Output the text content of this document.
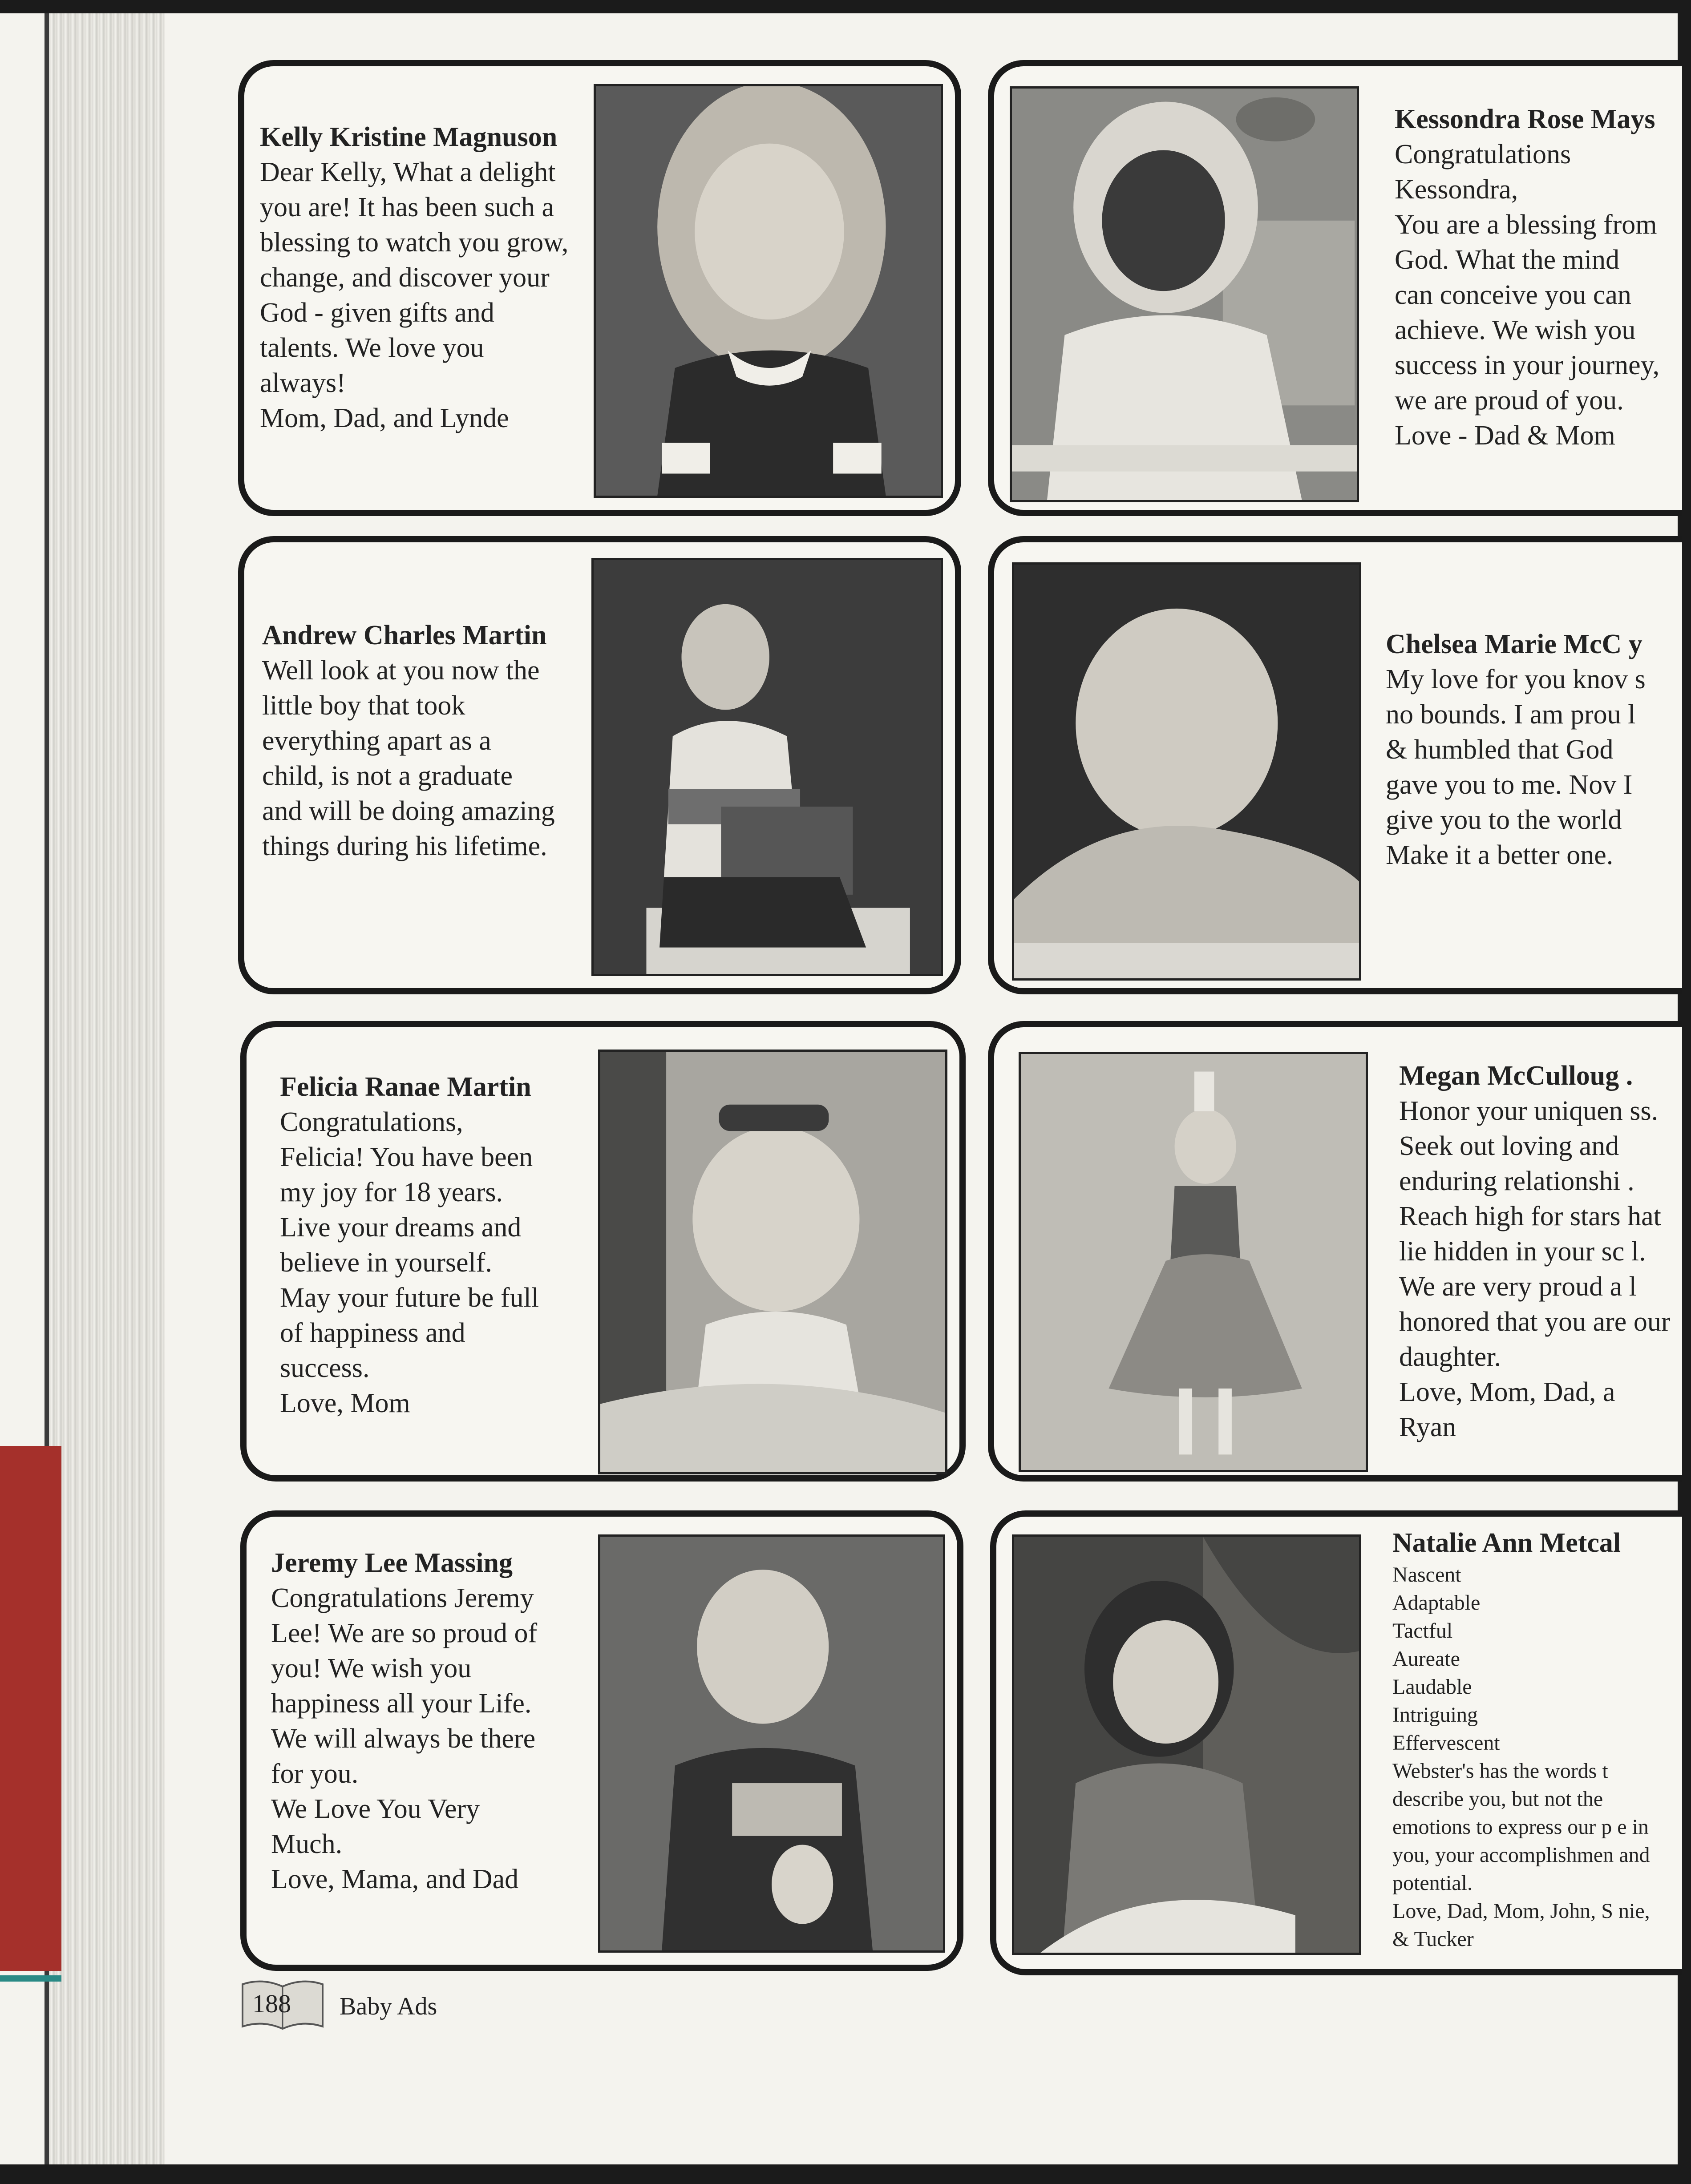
Kelly Kristine Magnuson

Dear Kelly, What a delight
you are! It has been such a
blessing to watch you grow,
change, and discover your
God - given gifts and
talents. We love you
always!
Mom, Dad, and Lynde

Kessondra Rose Mays

Congratulations
Kessondra,
You are a blessing from
God. What the mind
can conceive you can
achieve. We wish you
success in your journey,
we are proud of you.
Love - Dad & Mom

Andrew Charles Martin

Well look at you now the
little boy that took
everything apart as a
child, is not a graduate
and will be doing amazing
things during his lifetime.

Chelsea Marie McC y

My love for you knov s
no bounds. I am prou l
& humbled that God
gave you to me. Nov I
give you to the world
Make it a better one.

Felicia Ranae Martin

Congratulations,
Felicia! You have been
my joy for 18 years.
Live your dreams and
believe in yourself.
May your future be full
of happiness and
success.
Love, Mom

Megan McCulloug .

Honor your uniquen ss.
Seek out loving and
enduring relationshi .
Reach high for stars hat
lie hidden in your sc l.
We are very proud a l
honored that you are our
daughter.
Love, Mom, Dad, a
Ryan

Jeremy Lee Massing

Congratulations Jeremy
Lee! We are so proud of
you! We wish you
happiness all your Life.
We will always be there
for you.
We Love You Very
Much.
Love, Mama, and Dad

Natalie Ann Metcal
Nascent
Adaptable
Tactful
Aureate
Laudable
Intriguing
Effervescent

Webster's has the words t
describe you, but not the
emotions to express our p e in
you, your accomplishmen and
potential.
Love, Dad, Mom, John, S nie,
& Tucker

188 Baby Ads
